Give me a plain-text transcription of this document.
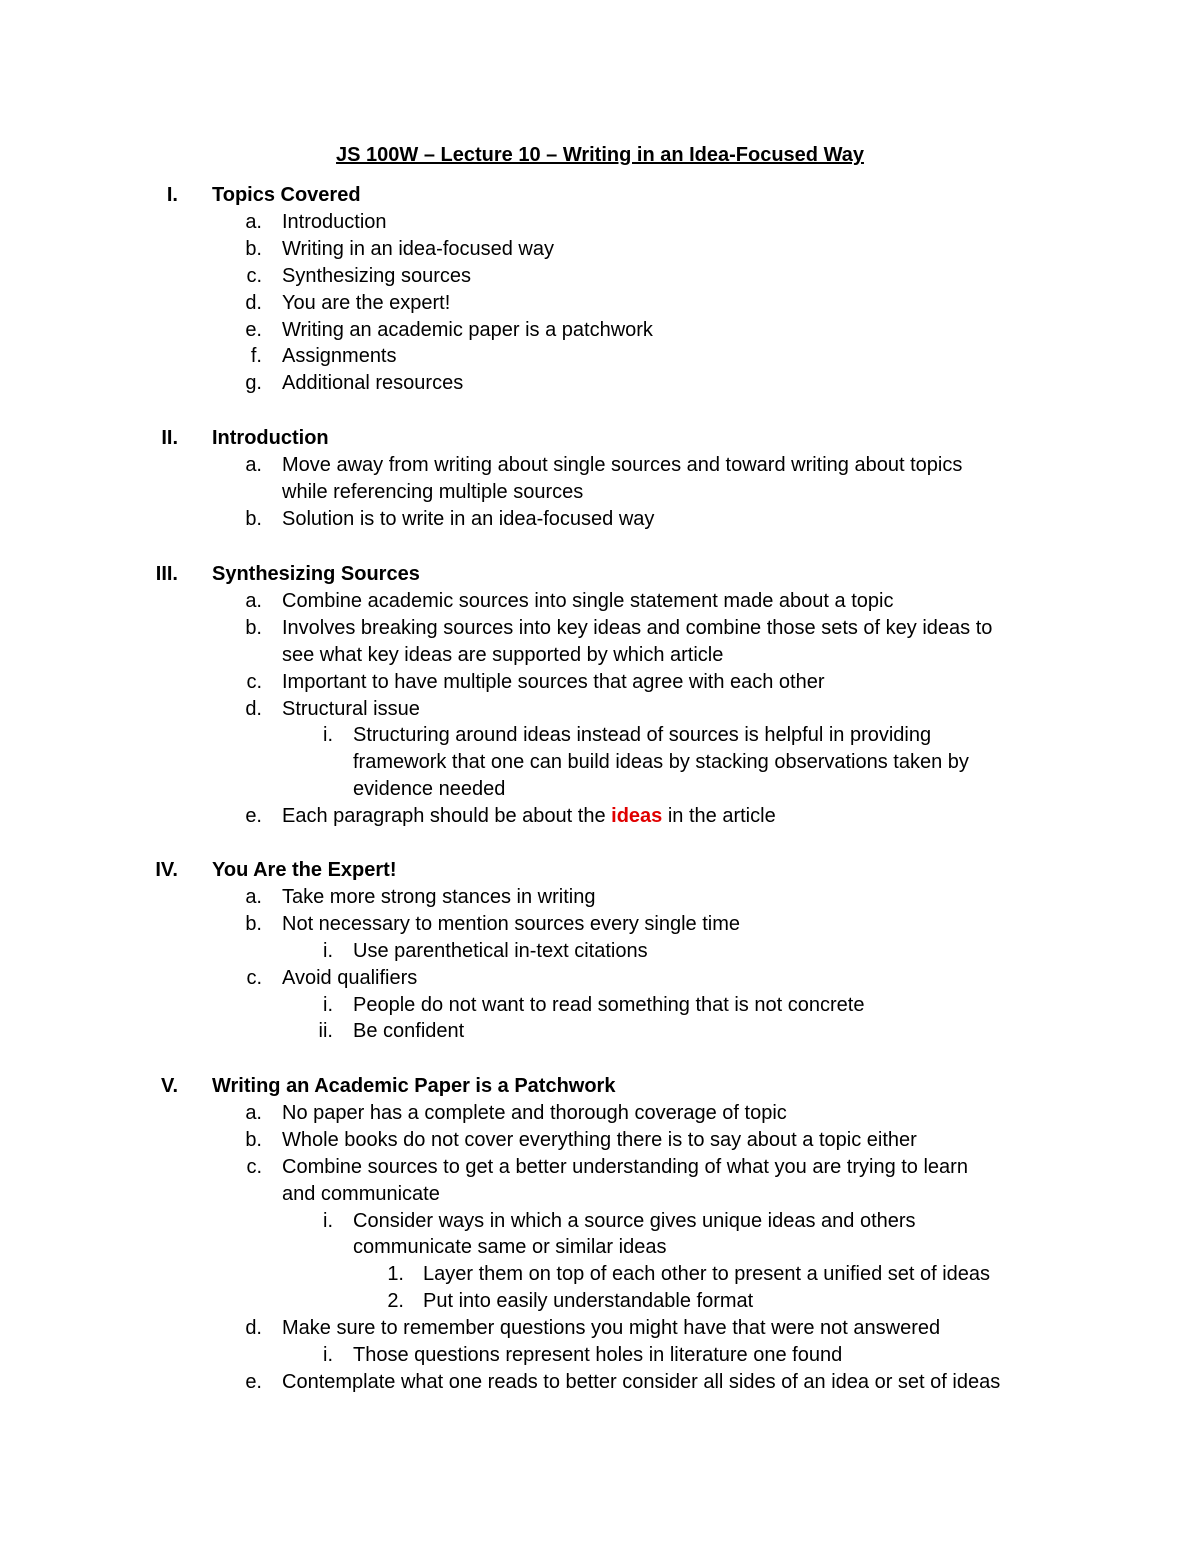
JS 100W – Lecture 10 – Writing in an Idea-Focused Way
I. Topics Covered
a. Introduction
b. Writing in an idea-focused way
c. Synthesizing sources
d. You are the expert!
e. Writing an academic paper is a patchwork
f. Assignments
g. Additional resources
II. Introduction
a. Move away from writing about single sources and toward writing about topics
while referencing multiple sources
b. Solution is to write in an idea-focused way
III. Synthesizing Sources
a. Combine academic sources into single statement made about a topic
b. Involves breaking sources into key ideas and combine those sets of key ideas to
see what key ideas are supported by which article
c. Important to have multiple sources that agree with each other
d. Structural issue
i. Structuring around ideas instead of sources is helpful in providing
framework that one can build ideas by stacking observations taken by
evidence needed
e. Each paragraph should be about the ideas in the article
IV. You Are the Expert!
a. Take more strong stances in writing
b. Not necessary to mention sources every single time
i. Use parenthetical in-text citations
c. Avoid qualifiers
i. People do not want to read something that is not concrete
ii. Be confident
V. Writing an Academic Paper is a Patchwork
a. No paper has a complete and thorough coverage of topic
b. Whole books do not cover everything there is to say about a topic either
c. Combine sources to get a better understanding of what you are trying to learn
and communicate
i. Consider ways in which a source gives unique ideas and others
communicate same or similar ideas
1. Layer them on top of each other to present a unified set of ideas
2. Put into easily understandable format
d. Make sure to remember questions you might have that were not answered
i. Those questions represent holes in literature one found
e. Contemplate what one reads to better consider all sides of an idea or set of ideas
